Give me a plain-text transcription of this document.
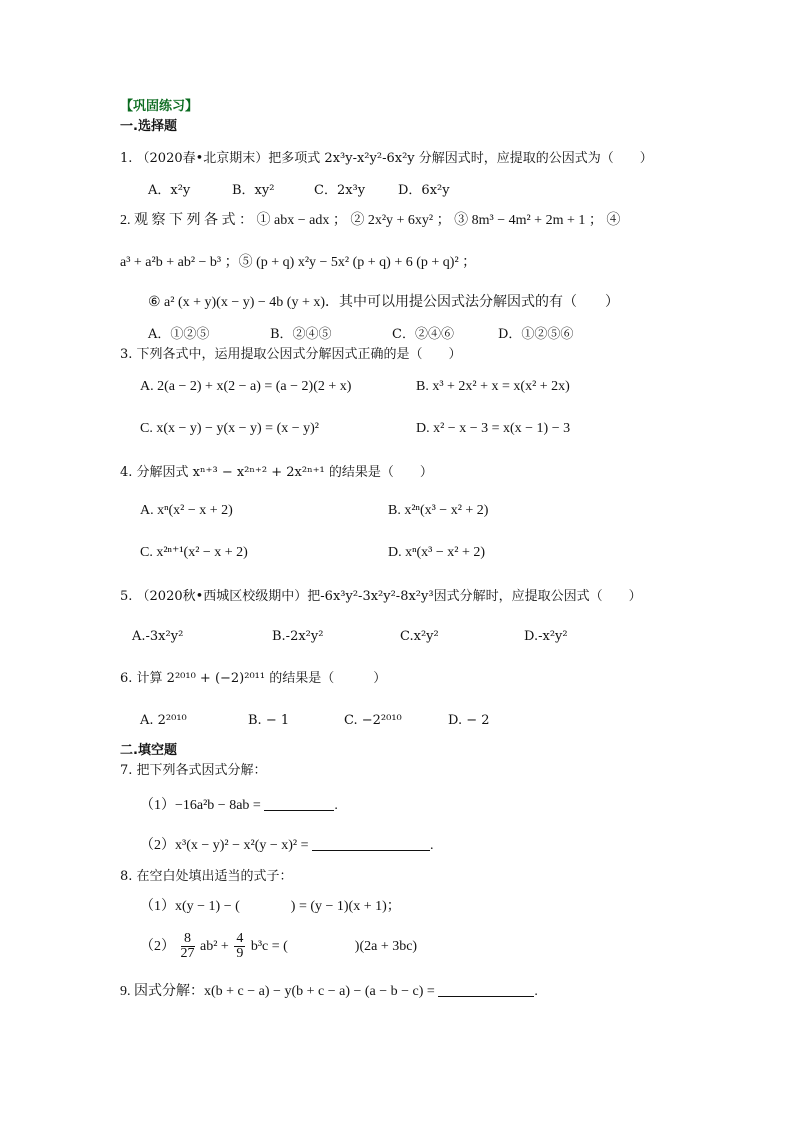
【巩固练习】
一.选择题
1. （2020春•北京期末）把多项式 2x³y-x²y²-6x²y 分解因式时，应提取的公因式为（　　）
A．x²y	B．xy²	C．2x³y	D．6x²y
2. 观 察 下 列 各 式 ： ① abx − adx ； ② 2x²y + 6xy² ； ③ 8m³ − 4m² + 2m + 1 ； ④
a³ + a²b + ab² − b³ ；⑤ (p + q) x²y − 5x² (p + q) + 6 (p + q)² ；
⑥ a² (x + y)(x − y) − 4b (y + x)．其中可以用提公因式法分解因式的有（　　）
A．①②⑤	B．②④⑤	C．②④⑥	D．①②⑤⑥
3. 下列各式中，运用提取公因式分解因式正确的是（　　）
A. 2(a − 2) + x(2 − a) = (a − 2)(2 + x)	B. x³ + 2x² + x = x(x² + 2x)
C. x(x − y) − y(x − y) = (x − y)²	D. x² − x − 3 = x(x − 1) − 3
4. 分解因式 xⁿ⁺³ − x²ⁿ⁺² + 2x²ⁿ⁺¹ 的结果是（　　）
A. xⁿ(x² − x + 2)	B. x²ⁿ(x³ − x² + 2)
C. x²ⁿ⁺¹(x² − x + 2)	D. xⁿ(x³ − x² + 2)
5. （2020秋•西城区校级期中）把-6x³y²-3x²y²-8x²y³因式分解时，应提取公因式（　　）
A.-3x²y²	B.-2x²y²	C.x²y²	D.-x²y²
6. 计算 2²⁰¹⁰ + (−2)²⁰¹¹ 的结果是（　　　）
A. 2²⁰¹⁰	B. − 1	C. −2²⁰¹⁰	D. − 2
二.填空题
7. 把下列各式因式分解：
（1）−16a²b − 8ab =	.
（2）x³(x − y)² − x²(y − x)² =	.
8. 在空白处填出适当的式子：
（1）x(y − 1) − (	) = (y − 1)(x + 1)；
$(2) \frac{8}{27} ab^2 + \frac{4}{9} b^3c$ = (	)(2a + 3bc)
9. 因式分解：x(b + c − a) − y(b + c − a) − (a − b − c) =	.
